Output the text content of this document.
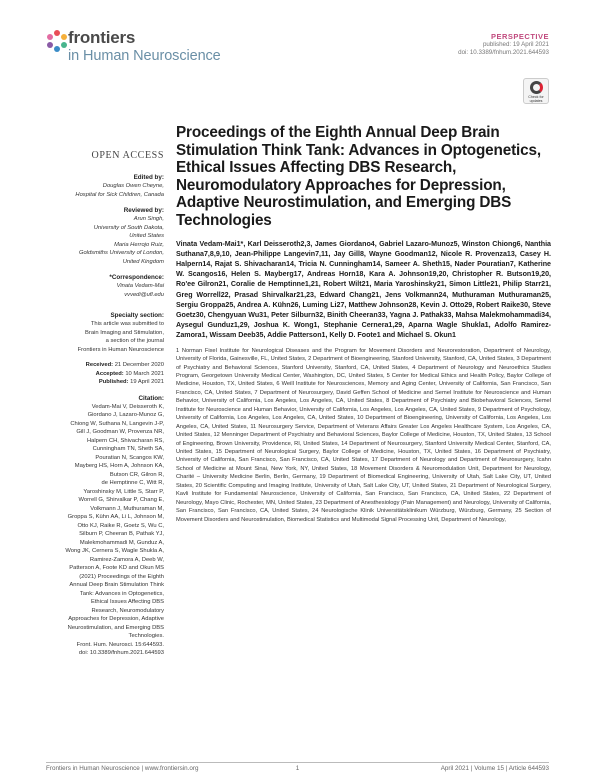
frontiers
in Human Neuroscience
PERSPECTIVE
published: 19 April 2021
doi: 10.3389/fnhum.2021.644593
Check for updates
OPEN ACCESS
Edited by:
Douglas Owen Cheyne,
Hospital for Sick Children, Canada
Reviewed by:
Arun Singh,
University of South Dakota,
United States
Maria Herrojo Ruiz,
Goldsmiths University of London,
United Kingdom
*Correspondence:
Vinata Vedam-Mai
vvvedi@ufl.edu
Specialty section:
This article was submitted to
Brain Imaging and Stimulation,
a section of the journal
Frontiers in Human Neuroscience
Received: 21 December 2020
Accepted: 10 March 2021
Published: 19 April 2021
Citation:
Vedam-Mai V, Deisseroth K,
Giordano J, Lazaro-Munoz G,
Chiong W, Suthana N, Langevin J-P,
Gill J, Goodman W, Provenza NR,
Halpern CH, Shivacharan RS,
Cunningham TN, Sheth SA,
Pouratian N, Scangos KW,
Mayberg HS, Horn A, Johnson KA,
Butson CR, Gilron R,
de Hemptinne C, Witt R,
Yaroshinsky M, Little S, Starr P,
Worrell G, Shirvalkar P, Chang E,
Volkmann J, Muthuraman M,
Groppa S, Kühn AA, Li L, Johnson M,
Otto KJ, Raike R, Goetz S, Wu C,
Silburn P, Cheeran B, Pathak YJ,
Malekmohammadi M, Gunduz A,
Wong JK, Cernera S, Wagle Shukla A,
Ramirez-Zamora A, Deeb W,
Patterson A, Foote KD and Okun MS
(2021) Proceedings of the Eighth
Annual Deep Brain Stimulation Think
Tank: Advances in Optogenetics,
Ethical Issues Affecting DBS
Research, Neuromodulatory
Approaches for Depression, Adaptive
Neurostimulation, and Emerging DBS
Technologies.
Front. Hum. Neurosci. 15:644593.
doi: 10.3389/fnhum.2021.644593
Proceedings of the Eighth Annual Deep Brain Stimulation Think Tank: Advances in Optogenetics, Ethical Issues Affecting DBS Research, Neuromodulatory Approaches for Depression, Adaptive Neurostimulation, and Emerging DBS Technologies

Vinata Vedam-Mai1*, Karl Deisseroth2,3, James Giordano4, Gabriel Lazaro-Munoz5, Winston Chiong6, Nanthia Suthana7,8,9,10, Jean-Philippe Langevin7,11, Jay Gill8, Wayne Goodman12, Nicole R. Provenza13, Casey H. Halpern14, Rajat S. Shivacharan14, Tricia N. Cunningham14, Sameer A. Sheth15, Nader Pouratian7, Katherine W. Scangos16, Helen S. Mayberg17, Andreas Horn18, Kara A. Johnson19,20, Christopher R. Butson19,20, Ro'ee Gilron21, Coralie de Hemptinne1,21, Robert Wilt21, Maria Yaroshinsky21, Simon Little21, Philip Starr21, Greg Worrell22, Prasad Shirvalkar21,23, Edward Chang21, Jens Volkmann24, Muthuraman Muthuraman25, Sergiu Groppa25, Andrea A. Kühn26, Luming Li27, Matthew Johnson28, Kevin J. Otto29, Robert Raike30, Steve Goetz30, Chengyuan Wu31, Peter Silburn32, Binith Cheeran33, Yagna J. Pathak33, Mahsa Malekmohammadi34, Aysegul Gunduz1,29, Joshua K. Wong1, Stephanie Cernera1,29, Aparna Wagle Shukla1, Adolfo Ramirez-Zamora1, Wissam Deeb35, Addie Patterson1, Kelly D. Foote1 and Michael S. Okun1

1 Norman Fixel Institute for Neurological Diseases and the Program for Movement Disorders and Neurorestoration, Department of Neurology, University of Florida, Gainesville, FL, United States, 2 Department of Bioengineering, Stanford University, Stanford, CA, United States, 3 Department of Psychiatry and Behavioral Sciences, Stanford University, Stanford, CA, United States, 4 Department of Neurology and Neuroethics Studies Program, Georgetown University Medical Center, Washington, DC, United States, 5 Center for Medical Ethics and Health Policy, Baylor College of Medicine, Houston, TX, United States, 6 Weill Institute for Neurosciences, Memory and Aging Center, University of California, San Francisco, San Francisco, CA, United States, 7 Department of Neurosurgery, David Geffen School of Medicine and Semel Institute for Neuroscience and Human Behavior, University of California, Los Angeles, Los Angeles, CA, United States, 8 Department of Psychiatry and Biobehavioral Sciences, Semel Institute for Neuroscience and Human Behavior, University of California, Los Angeles, Los Angeles, CA, United States, 9 Department of Psychology, University of California, Los Angeles, Los Angeles, CA, United States, 10 Department of Bioengineering, University of California, Los Angeles, Los Angeles, CA, United States, 11 Neurosurgery Service, Department of Veterans Affairs Greater Los Angeles Healthcare System, Los Angeles, CA, United States, 12 Menninger Department of Psychiatry and Behavioral Sciences, Baylor College of Medicine, Houston, TX, United States, 13 School of Engineering, Brown University, Providence, RI, United States, 14 Department of Neurosurgery, Stanford University Medical Center, Stanford, CA, United States, 15 Department of Neurological Surgery, Baylor College of Medicine, Houston, TX, United States, 16 Department of Psychiatry, University of California, San Francisco, San Francisco, CA, United States, 17 Department of Neurology and Department of Neurosurgery, Icahn School of Medicine at Mount Sinai, New York, NY, United States, 18 Movement Disorders & Neuromodulation Unit, Department for Neurology, Charité – University Medicine Berlin, Berlin, Germany, 19 Department of Biomedical Engineering, University of Utah, Salt Lake City, UT, United States, 20 Scientific Computing and Imaging Institute, University of Utah, Salt Lake City, UT, United States, 21 Department of Neurological Surgery, Kavli Institute for Fundamental Neuroscience, University of California, San Francisco, San Francisco, CA, United States, 22 Department of Neurology, Mayo Clinic, Rochester, MN, United States, 23 Department of Anesthesiology (Pain Management) and Neurology, University of California, San Francisco, San Francisco, CA, United States, 24 Neurologische Klinik Universitätsklinikum Würzburg, Würzburg, Germany, 25 Section of Movement Disorders and Neurostimulation, Biomedical Statistics and Multimodal Signal Processing Unit, Department of Neurology,

Frontiers in Human Neuroscience | www.frontiersin.org	1	April 2021 | Volume 15 | Article 644593
